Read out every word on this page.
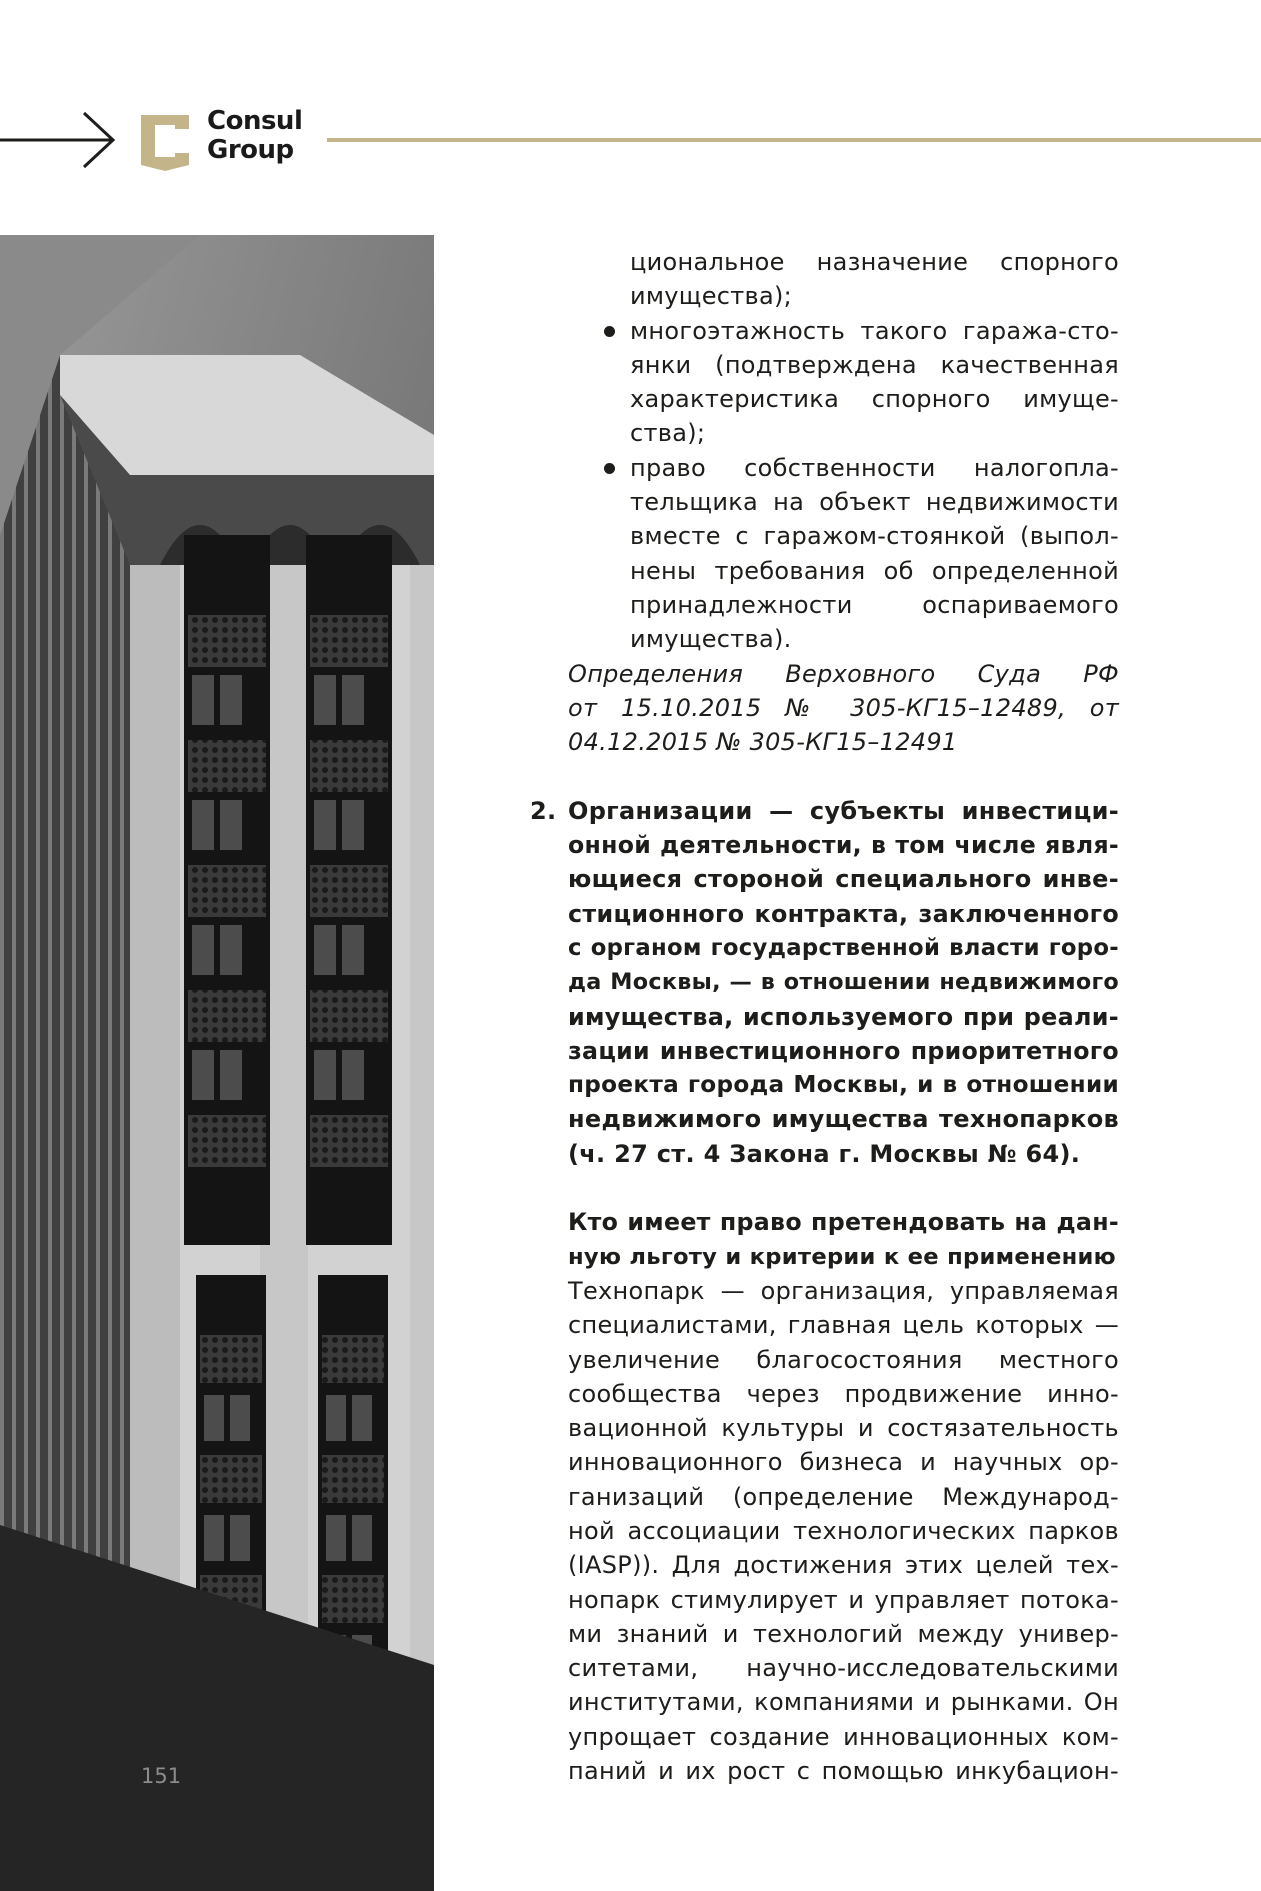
Consul
Group
151
циональное назначение спорного
имущества);
многоэтажность такого гаража-сто-
янки (подтверждена качественная
характеристика спорного имуще-
ства);
право собственности налогопла-
тельщика на объект недвижимости
вместе с гаражом-стоянкой (выпол-
нены требования об определенной
принадлежности оспариваемого
имущества).
Определения Верховного Суда РФ
от 15.10.2015 № 305-КГ15–12489, от
04.12.2015 № 305-КГ15–12491
2. Организации — субъекты инвестици-
онной деятельности, в том числе явля-
ющиеся стороной специального инве-
стиционного контракта, заключенного
с органом государственной власти горо-
да Москвы, — в отношении недвижимого
имущества, используемого при реали-
зации инвестиционного приоритетного
проекта города Москвы, и в отношении
недвижимого имущества технопарков
(ч. 27 ст. 4 Закона г. Москвы № 64).
Кто имеет право претендовать на дан-
ную льготу и критерии к ее применению
Технопарк — организация, управляемая
специалистами, главная цель которых —
увеличение благосостояния местного
сообщества через продвижение инно-
вационной культуры и состязательность
инновационного бизнеса и научных ор-
ганизаций (определение Международ-
ной ассоциации технологических парков
(IASP)). Для достижения этих целей тех-
нопарк стимулирует и управляет потока-
ми знаний и технологий между универ-
ситетами, научно-исследовательскими
институтами, компаниями и рынками. Он
упрощает создание инновационных ком-
паний и их рост с помощью инкубацион-
